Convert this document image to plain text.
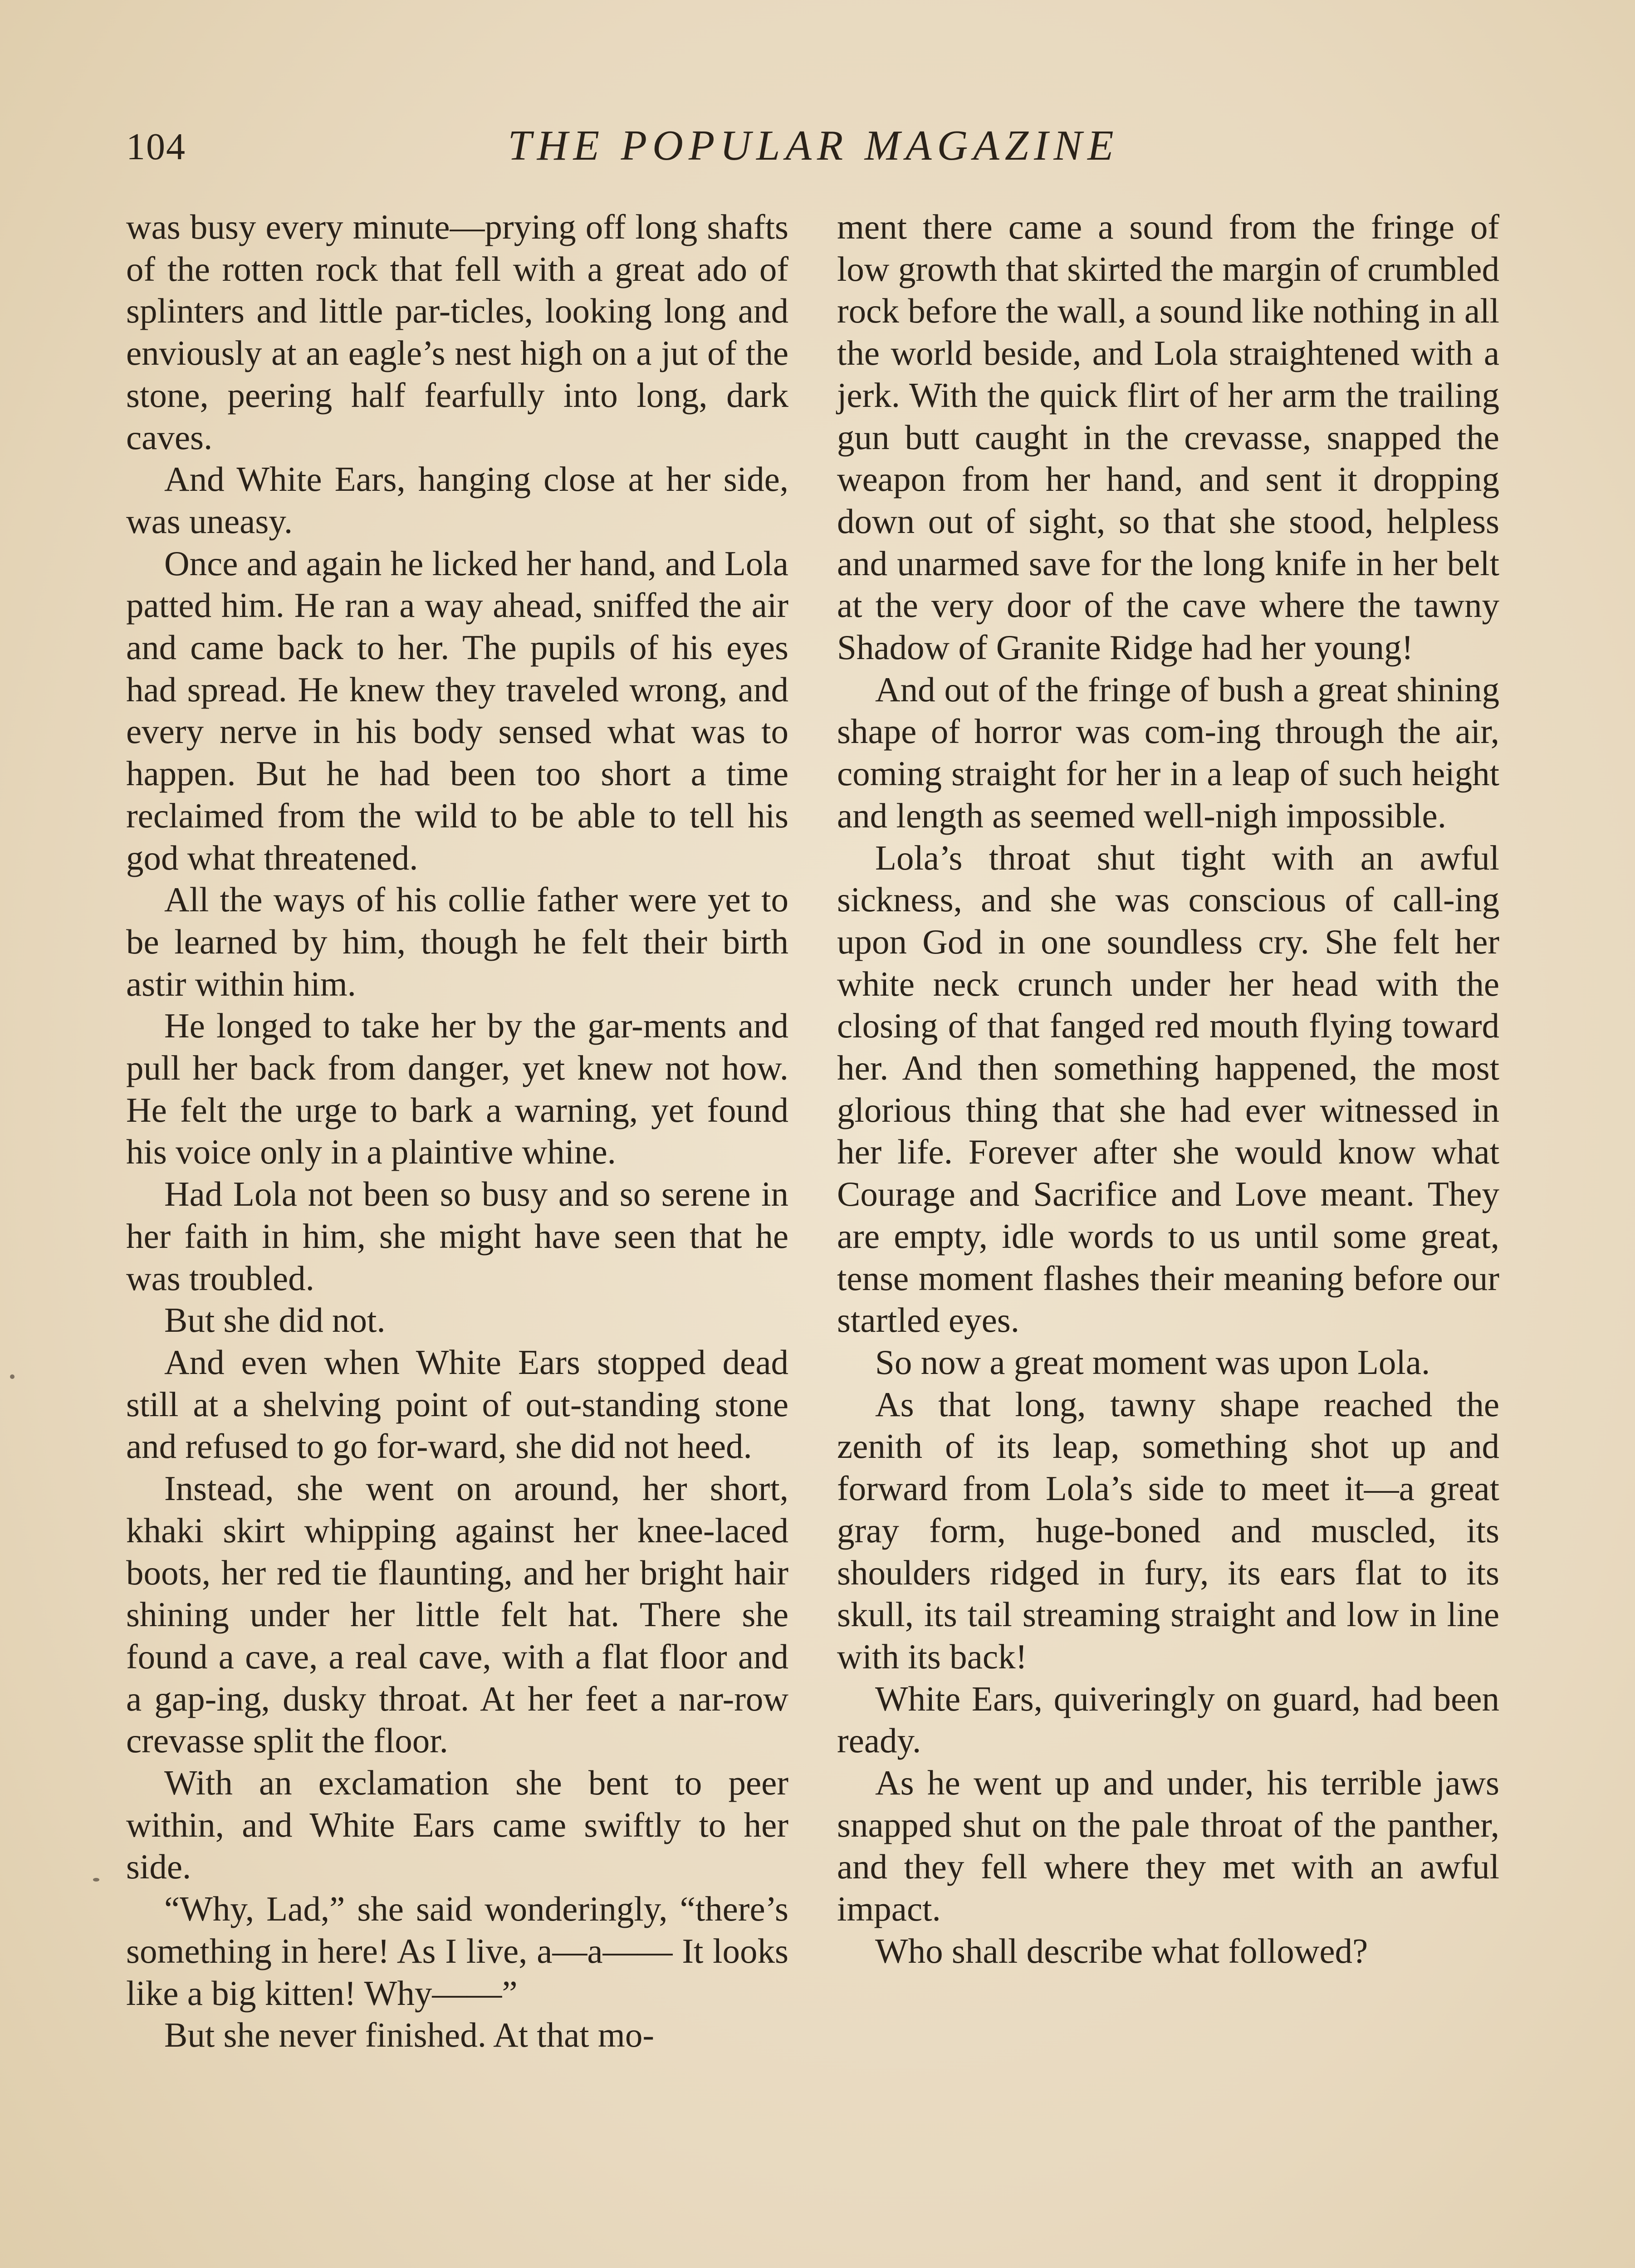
104	THE POPULAR MAGAZINE

was busy every minute—prying off long shafts of the rotten rock that fell with a great ado of splinters and little par-ticles, looking long and enviously at an eagle’s nest high on a jut of the stone, peering half fearfully into long, dark caves.

And White Ears, hanging close at her side, was uneasy.

Once and again he licked her hand, and Lola patted him. He ran a way ahead, sniffed the air and came back to her. The pupils of his eyes had spread. He knew they traveled wrong, and every nerve in his body sensed what was to happen. But he had been too short a time reclaimed from the wild to be able to tell his god what threatened.

All the ways of his collie father were yet to be learned by him, though he felt their birth astir within him.

He longed to take her by the gar-ments and pull her back from danger, yet knew not how. He felt the urge to bark a warning, yet found his voice only in a plaintive whine.

Had Lola not been so busy and so serene in her faith in him, she might have seen that he was troubled.

But she did not.

And even when White Ears stopped dead still at a shelving point of out-standing stone and refused to go for-ward, she did not heed.

Instead, she went on around, her short, khaki skirt whipping against her knee-laced boots, her red tie flaunting, and her bright hair shining under her little felt hat. There she found a cave, a real cave, with a flat floor and a gap-ing, dusky throat. At her feet a nar-row crevasse split the floor.

With an exclamation she bent to peer within, and White Ears came swiftly to her side.

“Why, Lad,” she said wonderingly, “there’s something in here! As I live, a—a—— It looks like a big kitten! Why——”

But she never finished. At that mo-

ment there came a sound from the fringe of low growth that skirted the margin of crumbled rock before the wall, a sound like nothing in all the world beside, and Lola straightened with a jerk. With the quick flirt of her arm the trailing gun butt caught in the crevasse, snapped the weapon from her hand, and sent it dropping down out of sight, so that she stood, helpless and unarmed save for the long knife in her belt at the very door of the cave where the tawny Shadow of Granite Ridge had her young!

And out of the fringe of bush a great shining shape of horror was com-ing through the air, coming straight for her in a leap of such height and length as seemed well-nigh impossible.

Lola’s throat shut tight with an awful sickness, and she was conscious of call-ing upon God in one soundless cry. She felt her white neck crunch under her head with the closing of that fanged red mouth flying toward her. And then something happened, the most glorious thing that she had ever witnessed in her life. Forever after she would know what Courage and Sacrifice and Love meant. They are empty, idle words to us until some great, tense moment flashes their meaning before our startled eyes.

So now a great moment was upon Lola.

As that long, tawny shape reached the zenith of its leap, something shot up and forward from Lola’s side to meet it—a great gray form, huge-boned and muscled, its shoulders ridged in fury, its ears flat to its skull, its tail streaming straight and low in line with its back!

White Ears, quiveringly on guard, had been ready.

As he went up and under, his terrible jaws snapped shut on the pale throat of the panther, and they fell where they met with an awful impact.

Who shall describe what followed?
